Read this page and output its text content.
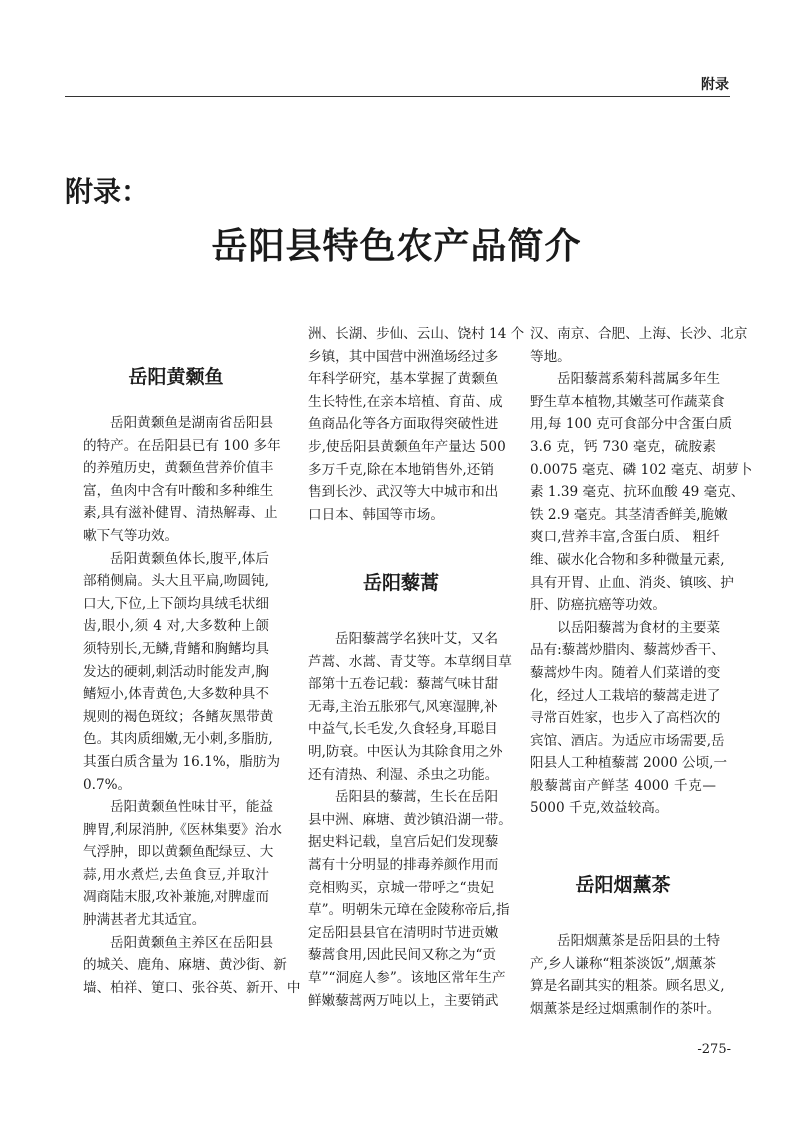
附录
附录：
岳阳县特色农产品简介
岳阳黄颡鱼
岳阳黄颡鱼是湖南省岳阳县
的特产。在岳阳县已有 100 多年
的养殖历史，黄颡鱼营养价值丰
富，鱼肉中含有叶酸和多种维生
素,具有滋补健胃、清热解毒、止
嗽下气等功效。
岳阳黄颡鱼体长,腹平,体后
部稍侧扁。头大且平扁,吻圆钝,
口大,下位,上下颌均具绒毛状细
齿,眼小,须 4 对,大多数种上颌
须特别长,无鳞,背鳍和胸鳍均具
发达的硬刺,刺活动时能发声,胸
鳍短小,体青黄色,大多数种具不
规则的褐色斑纹；各鳍灰黑带黄
色。其肉质细嫩,无小刺,多脂肪,
其蛋白质含量为 16.1%，脂肪为
0.7%。
岳阳黄颡鱼性味甘平，能益
脾胃,利尿消肿,《医林集要》治水
气浮肿，即以黄颡鱼配绿豆、大
蒜,用水煮烂,去鱼食豆,并取汁
凋商陆末服,攻补兼施,对脾虚而
肿满甚者尤其适宜。
岳阳黄颡鱼主养区在岳阳县
的城关、鹿角、麻塘、黄沙街、新
墙、柏祥、筻口、张谷英、新开、中
洲、长湖、步仙、云山、饶村 14 个
乡镇，其中国营中洲渔场经过多
年科学研究，基本掌握了黄颡鱼
生长特性,在亲本培植、育苗、成
鱼商品化等各方面取得突破性进
步,使岳阳县黄颡鱼年产量达 500
多万千克,除在本地销售外,还销
售到长沙、武汉等大中城市和出
口日本、韩国等市场。
岳阳藜蒿
岳阳藜蒿学名狭叶艾，又名
芦蒿、水蒿、青艾等。本草纲目草
部第十五卷记载：藜蒿气味甘甜
无毒,主治五胀邪气,风寒湿脾,补
中益气,长毛发,久食轻身,耳聪目
明,防衰。中医认为其除食用之外
还有清热、利湿、杀虫之功能。
岳阳县的藜蒿，生长在岳阳
县中洲、麻塘、黄沙镇沿湖一带。
据史料记载，皇宫后妃们发现藜
蒿有十分明显的排毒养颜作用而
竞相购买，京城一带呼之“贵妃
草”。明朝朱元璋在金陵称帝后,指
定岳阳县县官在清明时节进贡嫩
藜蒿食用,因此民间又称之为“贡
草”“洞庭人参”。该地区常年生产
鲜嫩藜蒿两万吨以上，主要销武
汉、南京、合肥、上海、长沙、北京
等地。
岳阳藜蒿系菊科蒿属多年生
野生草本植物,其嫩茎可作蔬菜食
用,每 100 克可食部分中含蛋白质
3.6 克，钙 730 毫克，硫胺素
0.0075 毫克、磷 102 毫克、胡萝卜
素 1.39 毫克、抗环血酸 49 毫克、
铁 2.9 毫克。其茎清香鲜美,脆嫩
爽口,营养丰富,含蛋白质、 粗纤
维、碳水化合物和多种微量元素,
具有开胃、止血、消炎、镇咳、护
肝、防癌抗癌等功效。
以岳阳藜蒿为食材的主要菜
品有:藜蒿炒腊肉、藜蒿炒香干、
藜蒿炒牛肉。随着人们菜谱的变
化，经过人工栽培的藜蒿走进了
寻常百姓家，也步入了高档次的
宾馆、酒店。为适应市场需要,岳
阳县人工种植藜蒿 2000 公顷,一
般藜蒿亩产鲜茎 4000 千克—
5000 千克,效益较高。
岳阳烟薰茶
岳阳烟薰茶是岳阳县的土特
产,乡人谦称“粗茶淡饭”,烟薰茶
算是名副其实的粗茶。顾名思义,
烟薰茶是经过烟熏制作的茶叶。
-275-
